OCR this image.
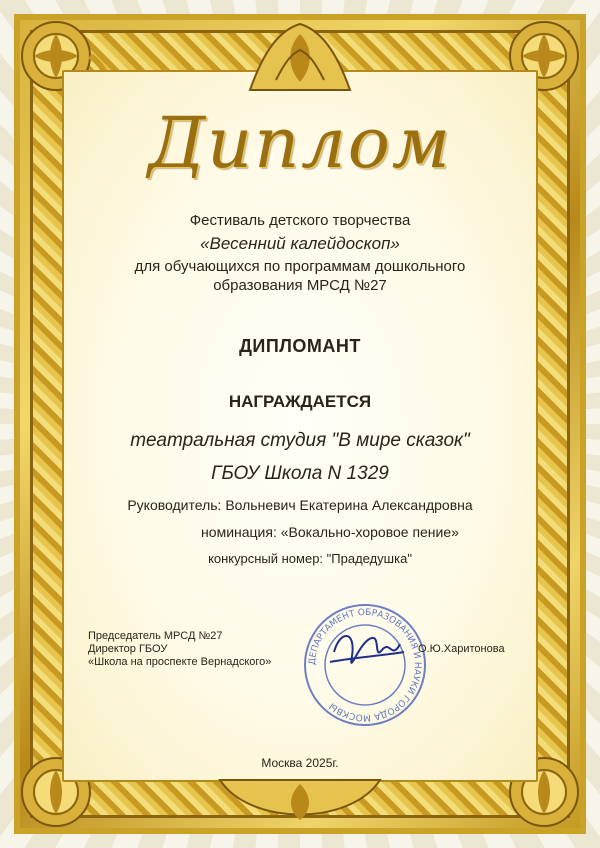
Диплом
Фестиваль детского творчества
«Весенний калейдоскоп»
для обучающихся по программам дошкольного
образования МРСД №27
ДИПЛОМАНТ
НАГРАЖДАЕТСЯ
театральная студия "В мире сказок"
ГБОУ Школа N 1329
Руководитель: Вольневич Екатерина Александровна
номинация: «Вокально-хоровое пение»
конкурсный номер: "Прадедушка"
Председатель МРСД №27
Директор ГБОУ
«Школа на проспекте Вернадского»	ДЕПАРТАМЕНТ ОБРАЗОВАНИЯ И НАУКИ ГОРОДА МОСКВЫ
О.Ю.Харитонова
Москва 2025г.
